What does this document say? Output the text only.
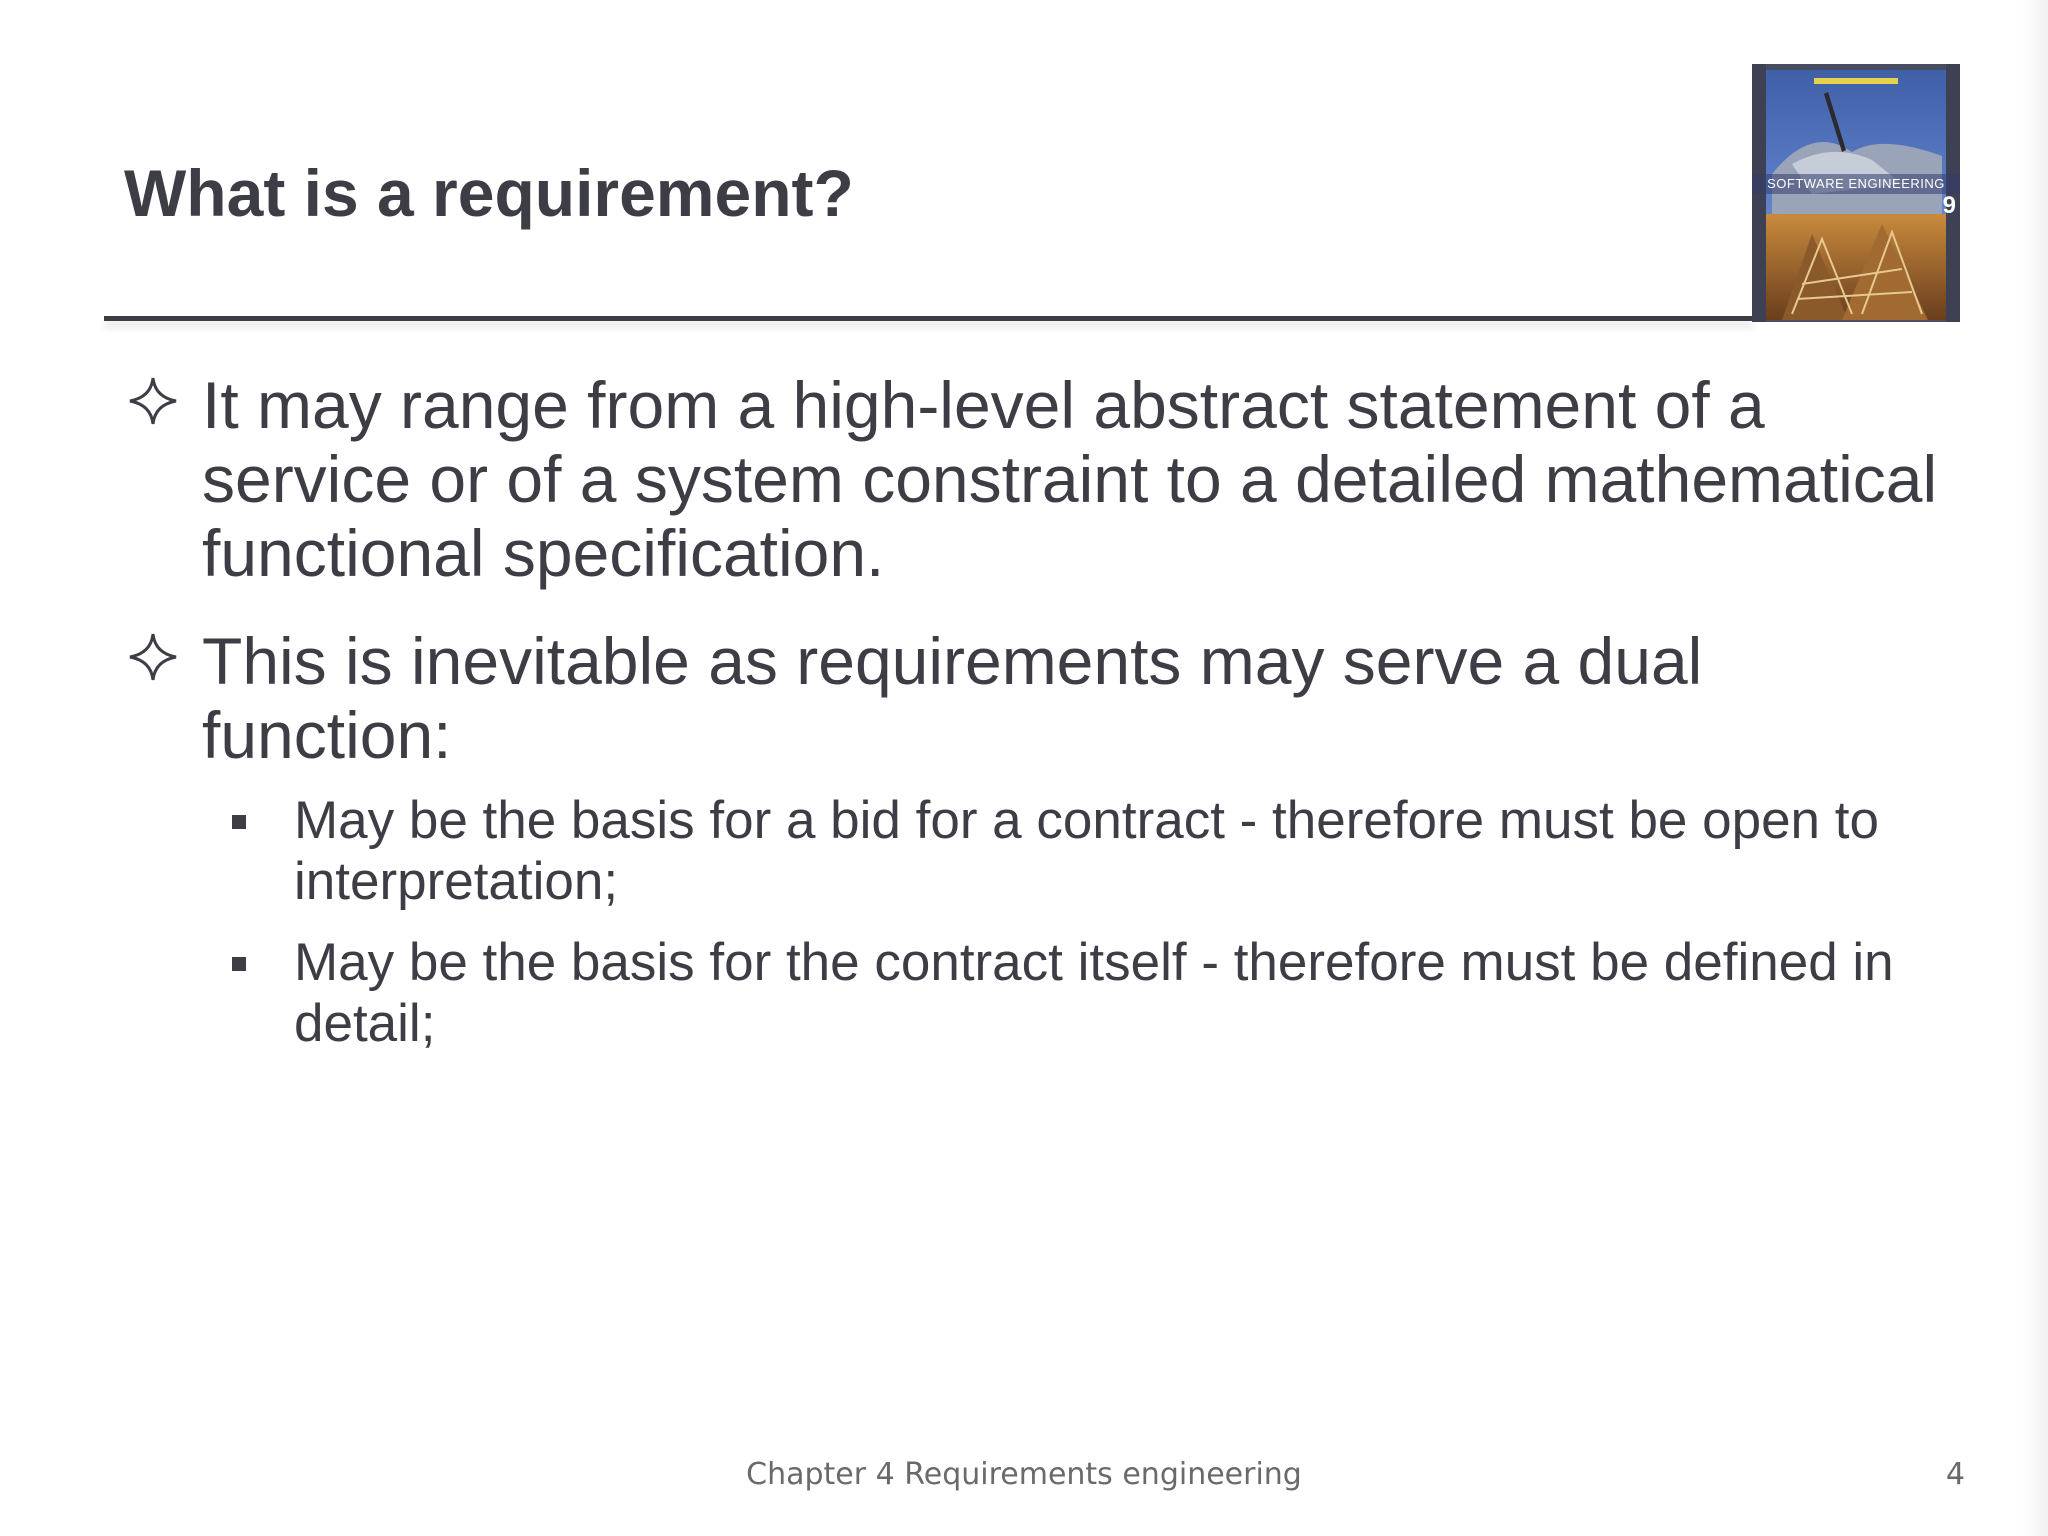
What is a requirement?	SOFTWARE ENGINEERING
9
It may range from a high-level abstract statement of a service or of a system constraint to a detailed mathematical functional specification.
This is inevitable as requirements may serve a dual function:
May be the basis for a bid for a contract - therefore must be open to interpretation;
May be the basis for the contract itself - therefore must be defined in detail;
Chapter 4 Requirements engineering	4
